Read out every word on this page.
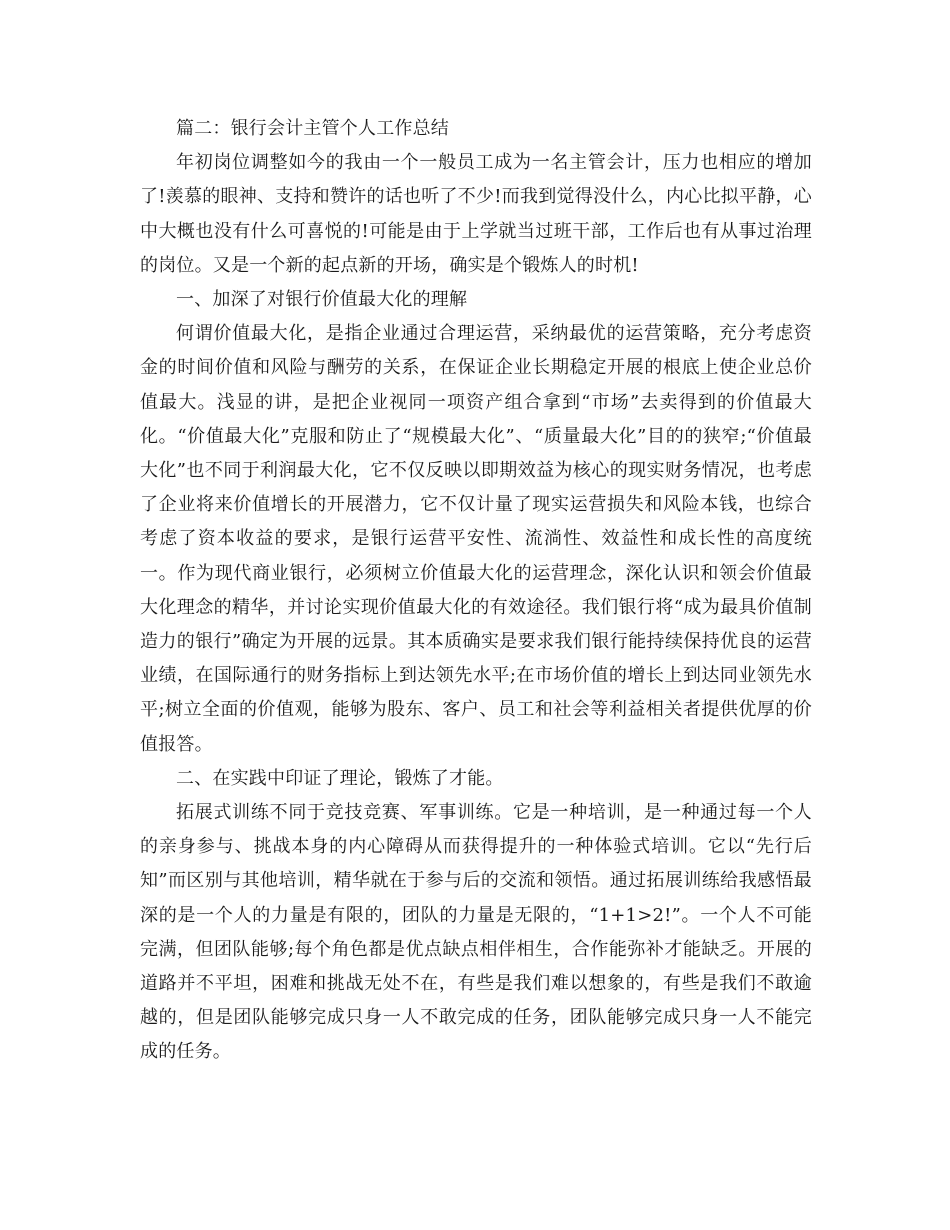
篇二：银行会计主管个人工作总结

年初岗位调整如今的我由一个一般员工成为一名主管会计，压力也相应的增加了!羡慕的眼神、支持和赞许的话也听了不少!而我到觉得没什么，内心比拟平静，心中大概也没有什么可喜悦的!可能是由于上学就当过班干部，工作后也有从事过治理的岗位。又是一个新的起点新的开场，确实是个锻炼人的时机!

一、加深了对银行价值最大化的理解

何谓价值最大化，是指企业通过合理运营，采纳最优的运营策略，充分考虑资金的时间价值和风险与酬劳的关系，在保证企业长期稳定开展的根底上使企业总价值最大。浅显的讲，是把企业视同一项资产组合拿到“市场”去卖得到的价值最大化。“价值最大化”克服和防止了“规模最大化”、“质量最大化”目的的狭窄;“价值最大化”也不同于利润最大化，它不仅反映以即期效益为核心的现实财务情况，也考虑了企业将来价值增长的开展潜力，它不仅计量了现实运营损失和风险本钱，也综合考虑了资本收益的要求，是银行运营平安性、流淌性、效益性和成长性的高度统一。作为现代商业银行，必须树立价值最大化的运营理念，深化认识和领会价值最大化理念的精华，并讨论实现价值最大化的有效途径。我们银行将“成为最具价值制造力的银行”确定为开展的远景。其本质确实是要求我们银行能持续保持优良的运营业绩，在国际通行的财务指标上到达领先水平;在市场价值的增长上到达同业领先水平;树立全面的价值观，能够为股东、客户、员工和社会等利益相关者提供优厚的价值报答。

二、在实践中印证了理论，锻炼了才能。

拓展式训练不同于竞技竞赛、军事训练。它是一种培训，是一种通过每一个人的亲身参与、挑战本身的内心障碍从而获得提升的一种体验式培训。它以“先行后知”而区别与其他培训，精华就在于参与后的交流和领悟。通过拓展训练给我感悟最深的是一个人的力量是有限的，团队的力量是无限的，“1+1>2!”。一个人不可能完满，但团队能够;每个角色都是优点缺点相伴相生，合作能弥补才能缺乏。开展的道路并不平坦，困难和挑战无处不在，有些是我们难以想象的，有些是我们不敢逾越的，但是团队能够完成只身一人不敢完成的任务，团队能够完成只身一人不能完成的任务。
